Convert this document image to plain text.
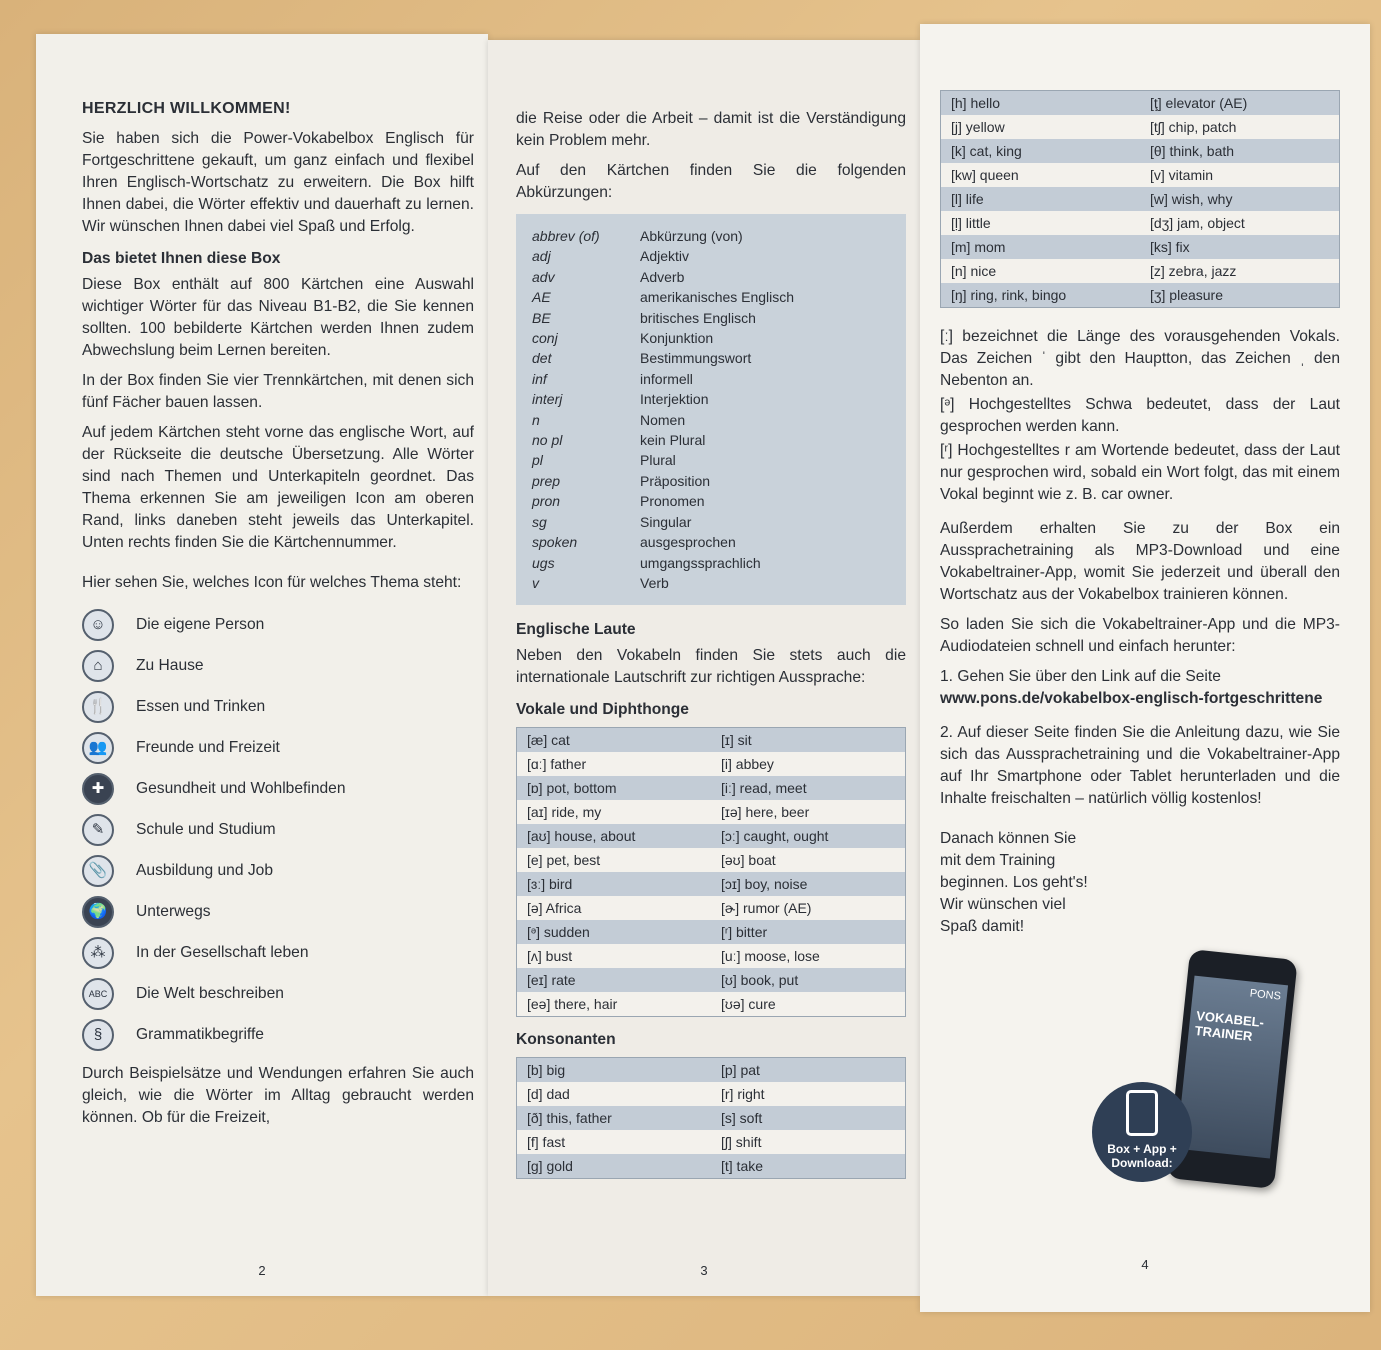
HERZLICH WILLKOMMEN!

Sie haben sich die Power-Vokabelbox Englisch für Fortgeschrittene gekauft, um ganz einfach und flexibel Ihren Englisch-Wortschatz zu erweitern. Die Box hilft Ihnen dabei, die Wörter effektiv und dauerhaft zu lernen. Wir wünschen Ihnen dabei viel Spaß und Erfolg.

Das bietet Ihnen diese Box

Diese Box enthält auf 800 Kärtchen eine Auswahl wichtiger Wörter für das Niveau B1-B2, die Sie kennen sollten. 100 bebilderte Kärtchen werden Ihnen zudem Abwechslung beim Lernen bereiten.

In der Box finden Sie vier Trennkärtchen, mit denen sich fünf Fächer bauen lassen.

Auf jedem Kärtchen steht vorne das englische Wort, auf der Rückseite die deutsche Übersetzung. Alle Wörter sind nach Themen und Unterkapiteln geordnet. Das Thema erkennen Sie am jeweiligen Icon am oberen Rand, links daneben steht jeweils das Unterkapitel. Unten rechts finden Sie die Kärtchennummer.

Hier sehen Sie, welches Icon für welches Thema steht:

☺	Die eigene Person
⌂	Zu Hause
🍴	Essen und Trinken
👥	Freunde und Freizeit
✚	Gesundheit und Wohlbefinden
✎	Schule und Studium
📎	Ausbildung und Job
🌍	Unterwegs
⁂	In der Gesellschaft leben
ABC	Die Welt beschreiben
§	Grammatikbegriffe

Durch Beispielsätze und Wendungen erfahren Sie auch gleich, wie die Wörter im Alltag gebraucht werden können. Ob für die Freizeit,

2

die Reise oder die Arbeit – damit ist die Verständigung kein Problem mehr.

Auf den Kärtchen finden Sie die folgenden Abkürzungen:

abbrev (of)	Abkürzung (von)
adj	Adjektiv
adv	Adverb
AE	amerikanisches Englisch
BE	britisches Englisch
conj	Konjunktion
det	Bestimmungswort
inf	informell
interj	Interjektion
n	Nomen
no pl	kein Plural
pl	Plural
prep	Präposition
pron	Pronomen
sg	Singular
spoken	ausgesprochen
ugs	umgangssprachlich
v	Verb
Englische Laute

Neben den Vokabeln finden Sie stets auch die internationale Lautschrift zur richtigen Aussprache:

Vokale und Diphthonge
[æ] cat	[ɪ] sit
[ɑː] father	[i] abbey
[ɒ] pot, bottom	[iː] read, meet
[aɪ] ride, my	[ɪə] here, beer
[aʊ] house, about	[ɔː] caught, ought
[e] pet, best	[əʊ] boat
[ɜː] bird	[ɔɪ] boy, noise
[ə] Africa	[ɚ] rumor (AE)
[ᵊ] sudden	[ʳ] bitter
[ʌ] bust	[uː] moose, lose
[eɪ] rate	[ʊ] book, put
[eə] there, hair	[ʊə] cure
Konsonanten
[b] big	[p] pat
[d] dad	[r] right
[ð] this, father	[s] soft
[f] fast	[ʃ] shift
[g] gold	[t] take
3
[h] hello	[ţ] elevator (AE)
[j] yellow	[tʃ] chip, patch
[k] cat, king	[θ] think, bath
[kw] queen	[v] vitamin
[l] life	[w] wish, why
[ḷ] little	[dʒ] jam, object
[m] mom	[ks] fix
[n] nice	[z] zebra, jazz
[ŋ] ring, rink, bingo	[ʒ] pleasure

[ː] bezeichnet die Länge des vorausgehenden Vokals. Das Zeichen ˈ gibt den Hauptton, das Zeichen ˌ den Nebenton an.

[ᵊ] Hochgestelltes Schwa bedeutet, dass der Laut gesprochen werden kann.

[ʳ] Hochgestelltes r am Wortende bedeutet, dass der Laut nur gesprochen wird, sobald ein Wort folgt, das mit einem Vokal beginnt wie z. B. car owner.

Außerdem erhalten Sie zu der Box ein Aussprachetraining als MP3-Download und eine Vokabeltrainer-App, womit Sie jederzeit und überall den Wortschatz aus der Vokabelbox trainieren können.

So laden Sie sich die Vokabeltrainer-App und die MP3-Audiodateien schnell und einfach herunter:

1. Gehen Sie über den Link auf die Seite
www.pons.de/vokabelbox-englisch-fortgeschrittene

2. Auf dieser Seite finden Sie die Anleitung dazu, wie Sie sich das Aussprachetraining und die Vokabeltrainer-App auf Ihr Smartphone oder Tablet herunterladen und die Inhalte freischalten – natürlich völlig kostenlos!

Danach können Sie mit dem Training beginnen. Los geht's! Wir wünschen viel Spaß damit!

PONS
VOKABEL-TRAINER
Box + App + Download:
4
